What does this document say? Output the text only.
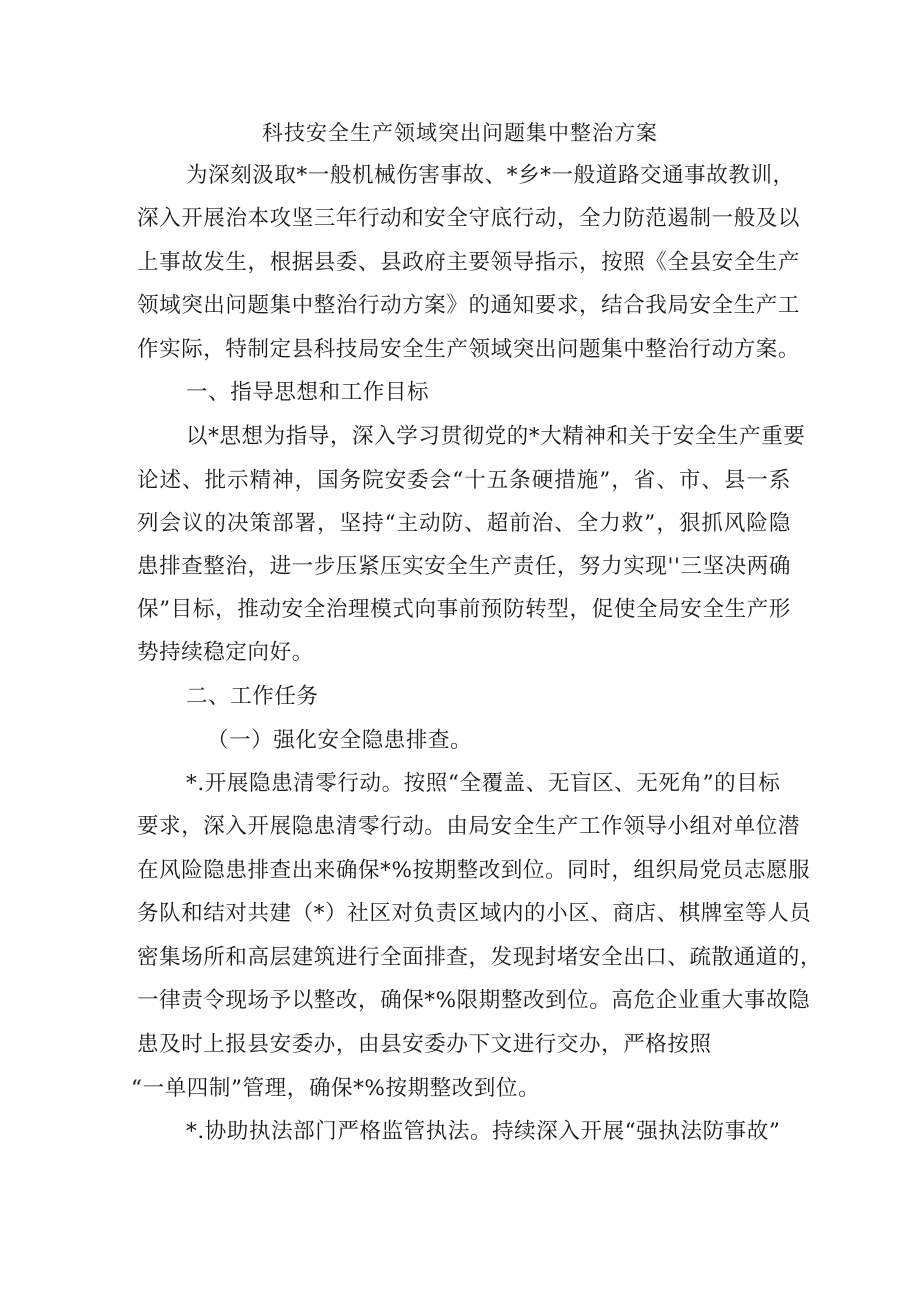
科技安全生产领域突出问题集中整治方案
为深刻汲取*一般机械伤害事故、*乡*一般道路交通事故教训，
深入开展治本攻坚三年行动和安全守底行动，全力防范遏制一般及以
上事故发生，根据县委、县政府主要领导指示，按照《全县安全生产
领域突出问题集中整治行动方案》的通知要求，结合我局安全生产工
作实际，特制定县科技局安全生产领域突出问题集中整治行动方案。
一、指导思想和工作目标
以*思想为指导，深入学习贯彻党的*大精神和关于安全生产重要
论述、批示精神，国务院安委会“十五条硬措施”，省、市、县一系
列会议的决策部署，坚持“主动防、超前治、全力救”，狠抓风险隐
患排查整治，进一步压紧压实安全生产责任，努力实现''三坚决两确
保”目标，推动安全治理模式向事前预防转型，促使全局安全生产形
势持续稳定向好。
二、工作任务
（一）强化安全隐患排查。
*.开展隐患清零行动。按照“全覆盖、无盲区、无死角”的目标
要求，深入开展隐患清零行动。由局安全生产工作领导小组对单位潜
在风险隐患排查出来确保*%按期整改到位。同时，组织局党员志愿服
务队和结对共建（*）社区对负责区域内的小区、商店、棋牌室等人员
密集场所和高层建筑进行全面排查，发现封堵安全出口、疏散通道的，
一律责令现场予以整改，确保*%限期整改到位。高危企业重大事故隐
患及时上报县安委办，由县安委办下文进行交办，严格按照
“一单四制”管理，确保*%按期整改到位。
*.协助执法部门严格监管执法。持续深入开展“强执法防事故”
